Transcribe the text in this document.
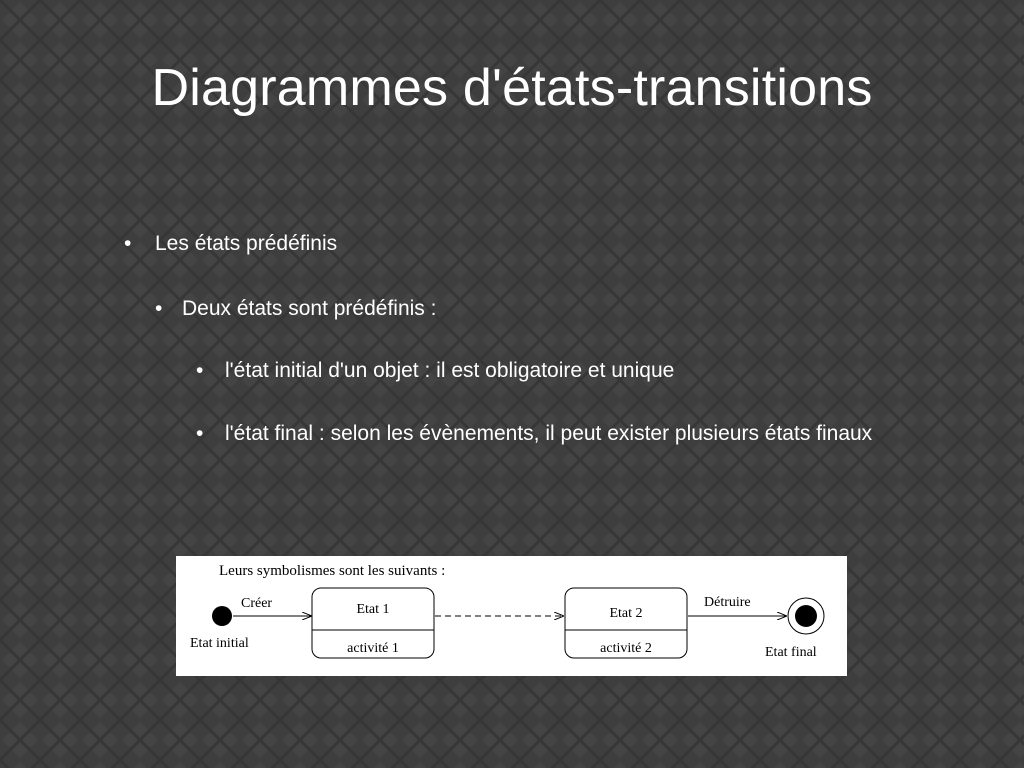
Diagrammes d'états-transitions
• Les états prédéfinis
• Deux états sont prédéfinis :
• l'état initial d'un objet : il est obligatoire et unique
• l'état final : selon les évènements, il peut exister plusieurs états finaux
Leurs symbolismes sont les suivants :
Etat initial
Créer	Etat 1
activité 1
Etat 2
activité 2
Détruire
Etat final
